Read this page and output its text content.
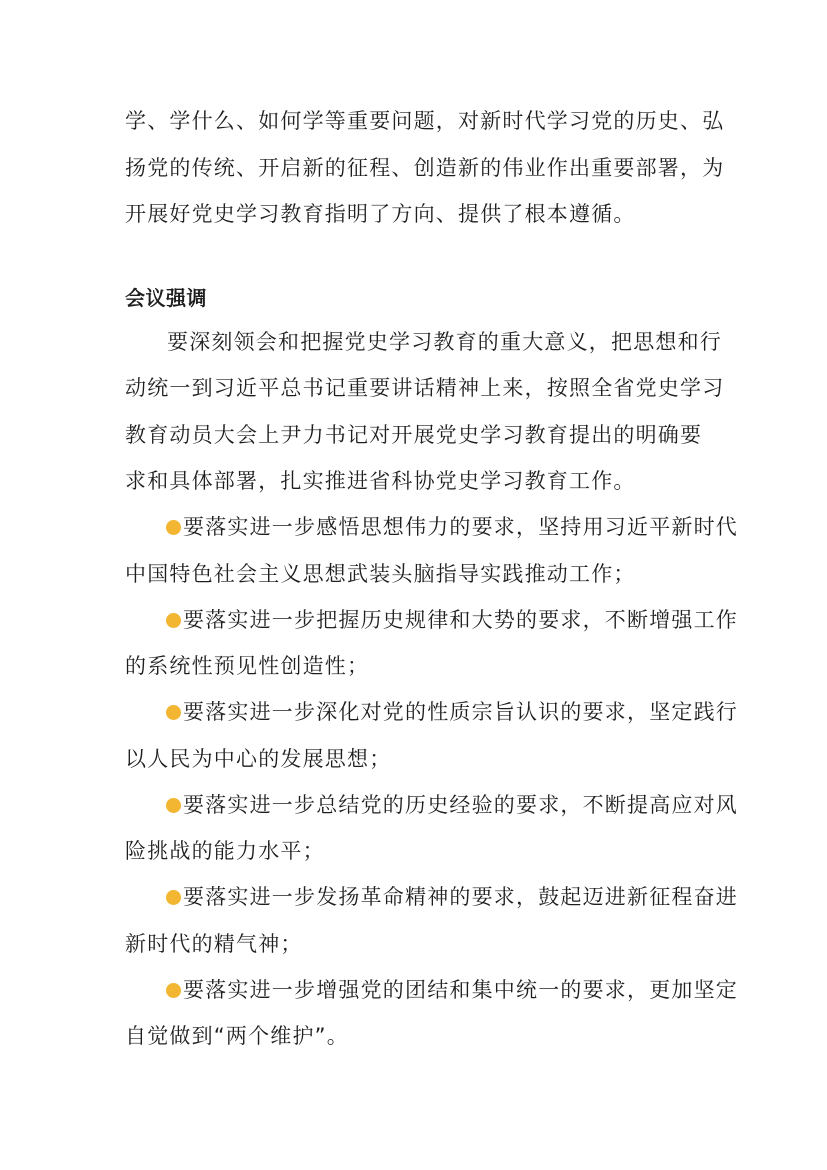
学、学什么、如何学等重要问题，对新时代学习党的历史、弘
扬党的传统、开启新的征程、创造新的伟业作出重要部署，为
开展好党史学习教育指明了方向、提供了根本遵循。
会议强调
要深刻领会和把握党史学习教育的重大意义，把思想和行
动统一到习近平总书记重要讲话精神上来，按照全省党史学习
教育动员大会上尹力书记对开展党史学习教育提出的明确要
求和具体部署，扎实推进省科协党史学习教育工作。
要落实进一步感悟思想伟力的要求，坚持用习近平新时代
中国特色社会主义思想武装头脑指导实践推动工作；
要落实进一步把握历史规律和大势的要求，不断增强工作
的系统性预见性创造性；
要落实进一步深化对党的性质宗旨认识的要求，坚定践行
以人民为中心的发展思想；
要落实进一步总结党的历史经验的要求，不断提高应对风
险挑战的能力水平；
要落实进一步发扬革命精神的要求，鼓起迈进新征程奋进
新时代的精气神；
要落实进一步增强党的团结和集中统一的要求，更加坚定
自觉做到“两个维护”。
